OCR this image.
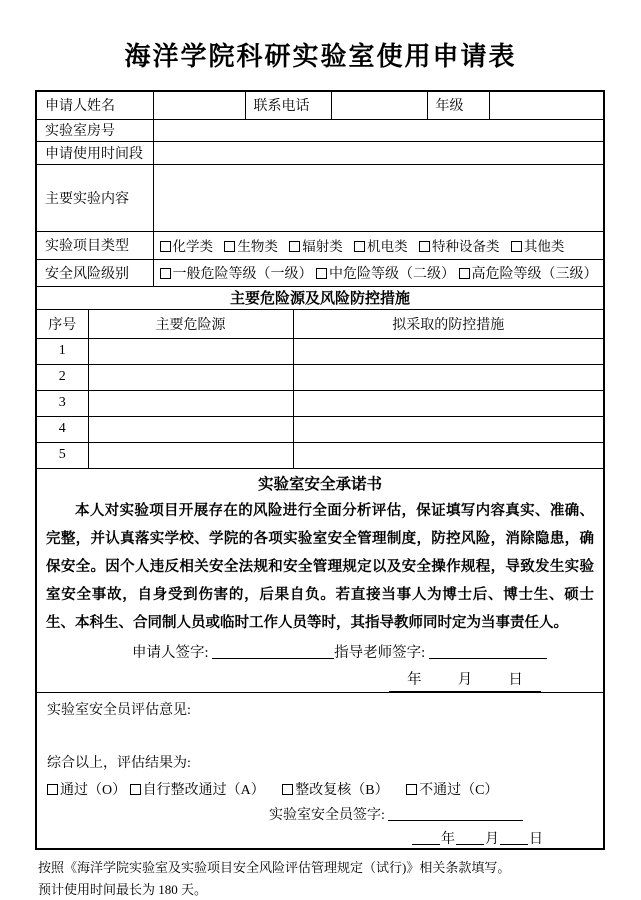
海洋学院科研实验室使用申请表
申请人姓名		联系电话		年级	
实验室房号					
申请使用时间段					
主要实验内容					
实验项目类型	化学类 生物类 辐射类 机电类 特种设备类 其他类				
安全风险级别	一般危险等级（一级） 中危险等级（二级） 高危险等级（三级）				
主要危险源及风险防控措施
序号	主要危险源	拟采取的防控措施
1		
2		
3		
4		
5		
实验室安全承诺书
本人对实验项目开展存在的风险进行全面分析评估，保证填写内容真实、准确、完整，并认真落实学校、学院的各项实验室安全管理制度，防控风险，消除隐患，确保安全。因个人违反相关安全法规和安全管理规定以及安全操作规程，导致发生实验室安全事故，自身受到伤害的，后果自负。若直接当事人为博士后、博士生、硕士生、本科生、合同制人员或临时工作人员等时，其指导教师同时定为当事责任人。
申请人签字:	指导老师签字:
年 月 日
实验室安全员评估意见:
综合以上，评估结果为:
通过（O） 自行整改通过（A） 整改复核（B） 不通过（C）
实验室安全员签字:
年 月 日
按照《海洋学院实验室及实验项目安全风险评估管理规定（试行)》相关条款填写。
预计使用时间最长为 180 天。
